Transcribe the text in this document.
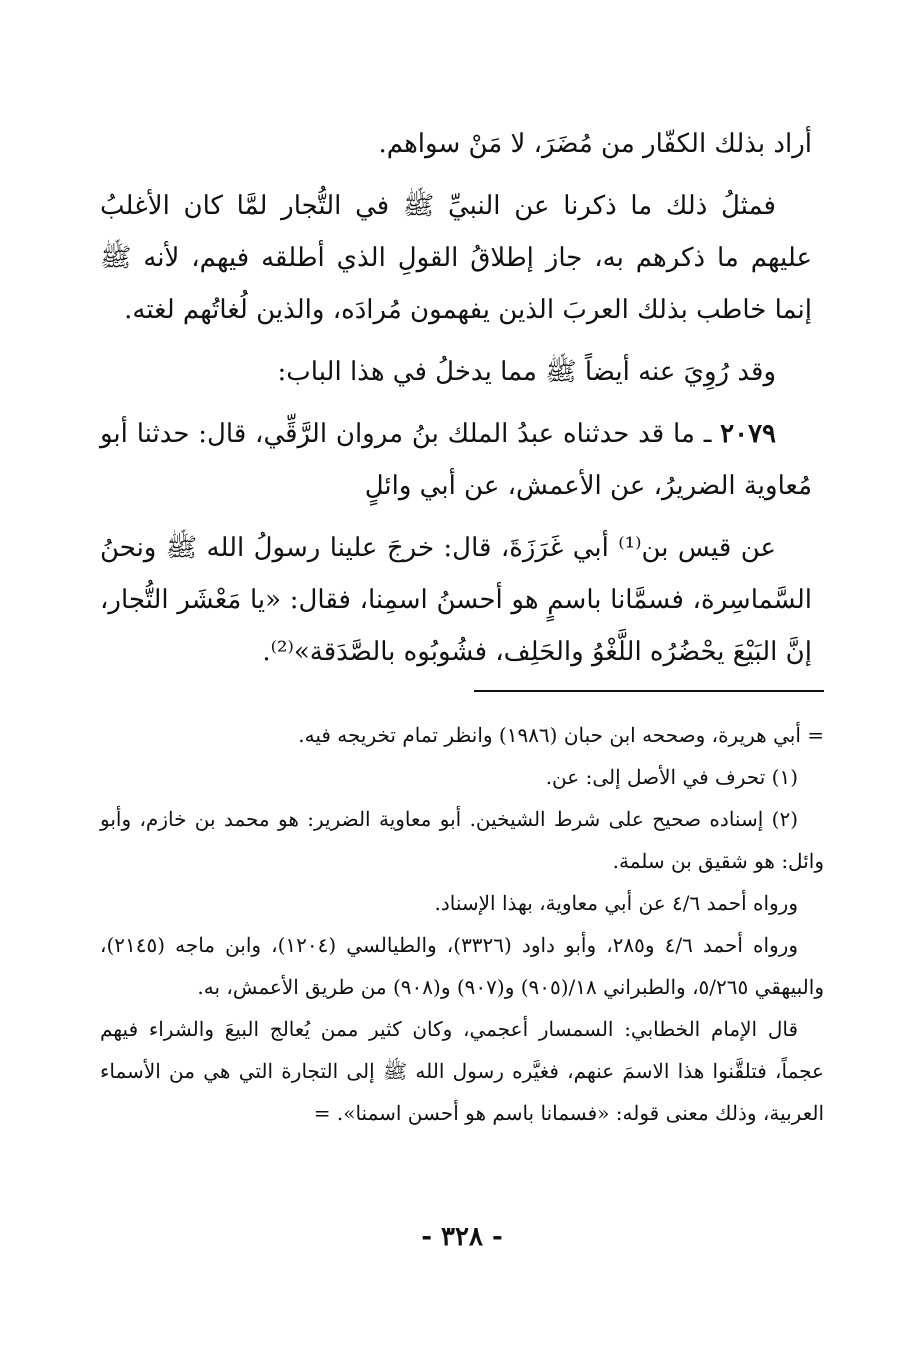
أراد بذلك الكفّار من مُضَرَ، لا مَنْ سواهم.

فمثلُ ذلك ما ذكرنا عن النبيِّ ﷺ في التُّجار لمَّا كان الأغلبُ عليهم ما ذكرهم به، جاز إطلاقُ القولِ الذي أطلقه فيهم، لأنه ﷺ إنما خاطب بذلك العربَ الذين يفهمون مُرادَه، والذين لُغاتُهم لغته.

وقد رُوِيَ عنه أيضاً ﷺ مما يدخلُ في هذا الباب:

٢٠٧٩ ـ ما قد حدثناه عبدُ الملك بنُ مروان الرَّقِّي، قال: حدثنا أبو مُعاوية الضريرُ، عن الأعمش، عن أبي وائلٍ

عن قيس بن⁽¹⁾ أبي غَرَزَةَ، قال: خرجَ علينا رسولُ الله ﷺ ونحنُ السَّماسِرة، فسمَّانا باسمٍ هو أحسنُ اسمِنا، فقال: «يا مَعْشَر التُّجار، إنَّ البَيْعَ يحْضُرُه اللَّغْوُ والحَلِف، فشُوبُوه بالصَّدَقة»⁽²⁾.

= أبي هريرة، وصححه ابن حبان (١٩٨٦) وانظر تمام تخريجه فيه.

(١) تحرف في الأصل إلى: عن.

(٢) إسناده صحيح على شرط الشيخين. أبو معاوية الضرير: هو محمد بن خازم، وأبو وائل: هو شقيق بن سلمة.

ورواه أحمد ٤/٦ عن أبي معاوية، بهذا الإسناد.

ورواه أحمد ٤/٦ و٢٨٥، وأبو داود (٣٣٢٦)، والطيالسي (١٢٠٤)، وابن ماجه (٢١٤٥)، والبيهقي ٥/٢٦٥، والطبراني ١٨/(٩٠٥) و(٩٠٧) و(٩٠٨) من طريق الأعمش، به.

قال الإمام الخطابي: السمسار أعجمي، وكان كثير ممن يُعالج البيعَ والشراء فيهم عجماً، فتلقَّنوا هذا الاسمَ عنهم، فغيَّره رسول الله ﷺ إلى التجارة التي هي من الأسماء العربية، وذلك معنى قوله: «فسمانا باسم هو أحسن اسمنا». =

- ٣٢٨ -
